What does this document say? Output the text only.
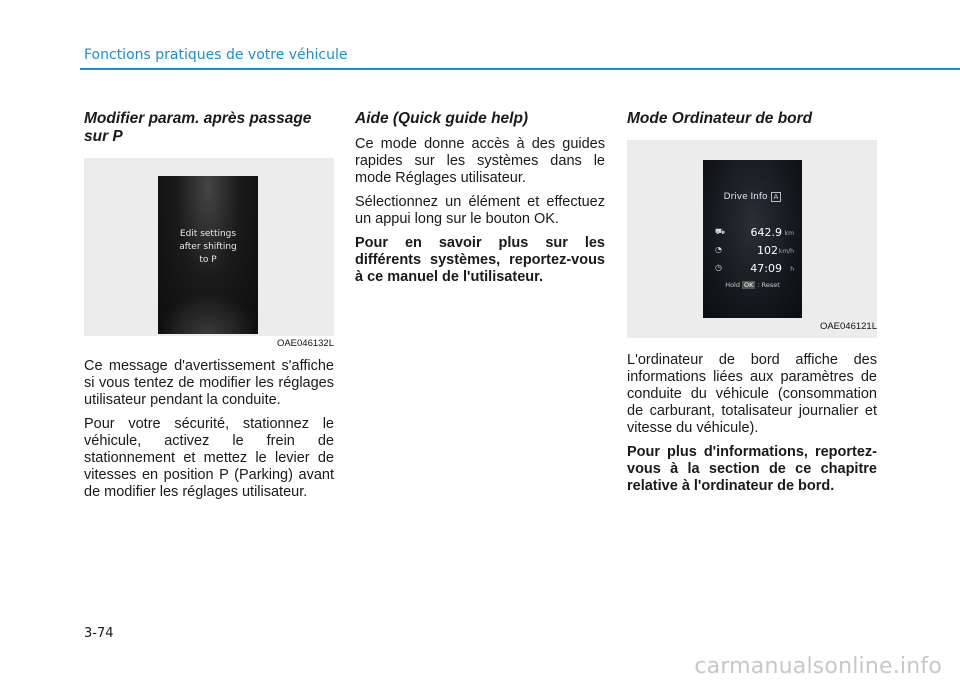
Fonctions pratiques de votre véhicule
Modifier param. après passage sur P
Edit settings
after shifting
to P
OAE046132L

Ce message d'avertissement s'affiche si vous tentez de modifier les réglages utilisateur pendant la conduite.

Pour votre sécurité, stationnez le véhicule, activez le frein de stationnement et mettez le levier de vitesses en position P (Parking) avant de modifier les réglages utilisateur.

Aide (Quick guide help)

Ce mode donne accès à des guides rapides sur les systèmes dans le mode Réglages utilisateur.

Sélectionnez un élément et effectuez un appui long sur le bouton OK.

Pour en savoir plus sur les différents systèmes, reportez-vous à ce manuel de l'utilisateur.

Mode Ordinateur de bord
Drive Info A
⛟ 642.9 km
◔	102 km/h
◷	47:09 h
Hold OK : Reset
OAE046121L

L'ordinateur de bord affiche des informations liées aux paramètres de conduite du véhicule (consommation de carburant, totalisateur journalier et vitesse du véhicule).

Pour plus d'informations, reportez-vous à la section de ce chapitre relative à l'ordinateur de bord.

3-74
carmanualsonline.info
